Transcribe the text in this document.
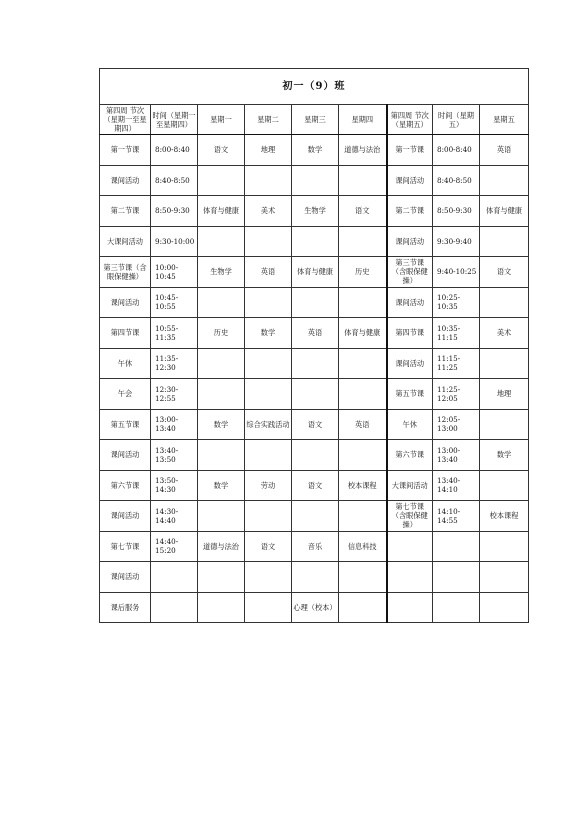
初一（9）班								
第四周 节次（星期一至星期四）	时间（星期一至星期四）	星期一	星期二	星期三	星期四	第四周 节次（星期五）	时间（星期五）	星期五
第一节课	8:00-8:40	语文	地理	数学	道德与法治	第一节课	8:00-8:40	英语
课间活动	8:40-8:50					课间活动	8:40-8:50	
第二节课	8:50-9:30	体育与健康	美术	生物学	语文	第二节课	8:50-9:30	体育与健康
大课间活动	9:30-10:00					课间活动	9:30-9:40	
第三节课（含眼保健操）	10:00-10:45	生物学	英语	体育与健康	历史	第三节课（含眼保健操）	9:40-10:25	语文
课间活动	10:45-10:55					课间活动	10:25-10:35	
第四节课	10:55-11:35	历史	数学	英语	体育与健康	第四节课	10:35-11:15	美术
午休	11:35-12:30					课间活动	11:15-11:25	
午会	12:30-12:55					第五节课	11:25-12:05	地理
第五节课	13:00-13:40	数学	综合实践活动	语文	英语	午休	12:05-13:00	
课间活动	13:40-13:50					第六节课	13:00-13:40	数学
第六节课	13:50-14:30	数学	劳动	语文	校本课程	大课间活动	13:40-14:10	
课间活动	14:30-14:40					第七节课（含眼保健操）	14:10-14:55	校本课程
第七节课	14:40-15:20	道德与法治	语文	音乐	信息科技			
课间活动								
课后服务				心理（校本）				
